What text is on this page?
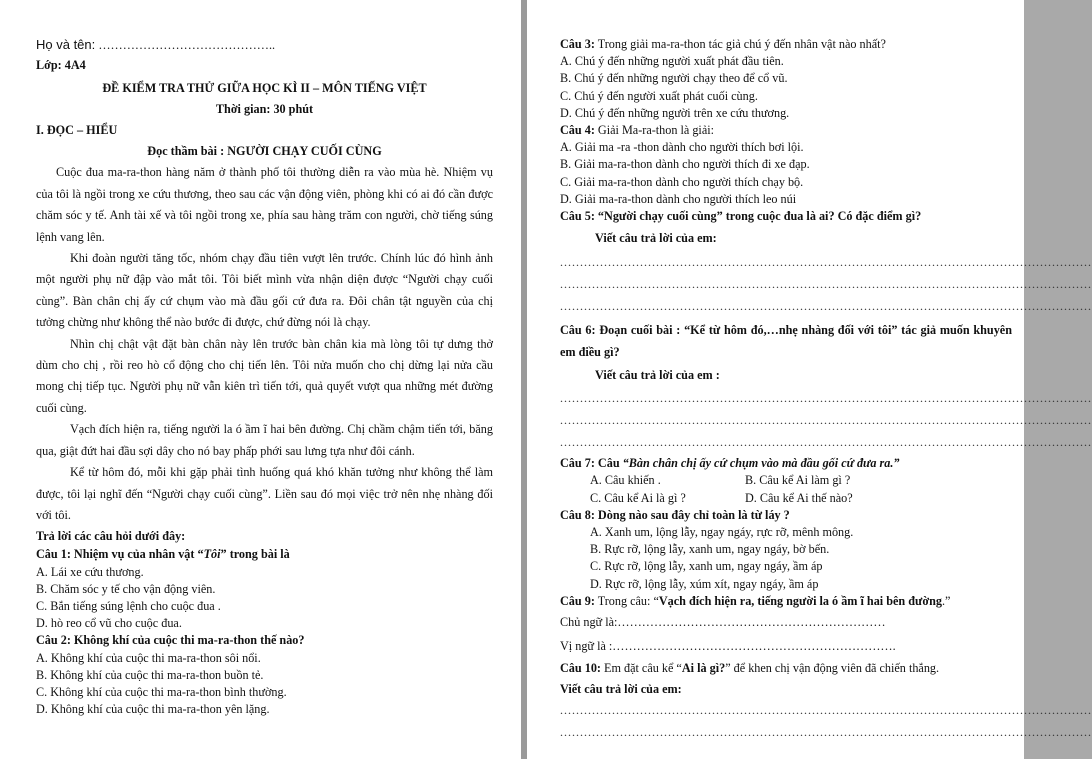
Họ và tên: ……………………………………..
Lớp: 4A4
ĐỀ KIỂM TRA THỬ GIỮA HỌC KÌ II – MÔN TIẾNG VIỆT
Thời gian: 30 phút
I. ĐỌC – HIỂU
Đọc thầm bài : NGƯỜI CHẠY CUỐI CÙNG

Cuộc đua ma-ra-thon hàng năm ở thành phố tôi thường diễn ra vào mùa hè. Nhiệm vụ của tôi là ngồi trong xe cứu thương, theo sau các vận động viên, phòng khi có ai đó cần được chăm sóc y tế. Anh tài xế và tôi ngồi trong xe, phía sau hàng trăm con người, chờ tiếng súng lệnh vang lên.

Khi đoàn người tăng tốc, nhóm chạy đầu tiên vượt lên trước. Chính lúc đó hình ảnh một người phụ nữ đập vào mắt tôi. Tôi biết mình vừa nhận diện được “Người chạy cuối cùng”. Bàn chân chị ấy cứ chụm vào mà đầu gối cứ đưa ra. Đôi chân tật nguyền của chị tưởng chừng như không thể nào bước đi được, chứ đừng nói là chạy.

Nhìn chị chật vật đặt bàn chân này lên trước bàn chân kia mà lòng tôi tự dưng thở dùm cho chị , rồi reo hò cổ động cho chị tiến lên. Tôi nửa muốn cho chị dừng lại nửa cầu mong chị tiếp tục. Người phụ nữ vẫn kiên trì tiến tới, quả quyết vượt qua những mét đường cuối cùng.

Vạch đích hiện ra, tiếng người la ó ầm ĩ hai bên đường. Chị chầm chậm tiến tới, băng qua, giật đứt hai đầu sợi dây cho nó bay phấp phới sau lưng tựa như đôi cánh.

Kể từ hôm đó, mỗi khi gặp phải tình huống quá khó khăn tưởng như không thể làm được, tôi lại nghĩ đến “Người chạy cuối cùng”. Liền sau đó mọi việc trở nên nhẹ nhàng đối với tôi.

Trả lời các câu hỏi dưới đây:
Câu 1: Nhiệm vụ của nhân vật “Tôi” trong bài là
A. Lái xe cứu thương.
B. Chăm sóc y tế cho vận động viên.
C. Bắn tiếng súng lệnh cho cuộc đua .
D. hò reo cổ vũ cho cuộc đua.
Câu 2: Không khí của cuộc thi ma-ra-thon thế nào?
A. Không khí của cuộc thi ma-ra-thon sôi nổi.
B. Không khí của cuộc thi ma-ra-thon buồn tẻ.
C. Không khí của cuộc thi ma-ra-thon bình thường.
D. Không khí của cuộc thi ma-ra-thon yên lặng.
Câu 3: Trong giải ma-ra-thon tác giả chú ý đến nhân vật nào nhất?
A. Chú ý đến những người xuất phát đầu tiên.
B. Chú ý đến những người chạy theo để cổ vũ.
C. Chú ý đến người xuất phát cuối cùng.
D. Chú ý đến những người trên xe cứu thương.
Câu 4: Giải Ma-ra-thon là giải:
A. Giải ma -ra -thon dành cho người thích bơi lội.
B. Giải ma-ra-thon dành cho người thích đi xe đạp.
C. Giải ma-ra-thon dành cho người thích chạy bộ.
D. Giải ma-ra-thon dành cho người thích leo núi
Câu 5: “Người chạy cuối cùng” trong cuộc đua là ai? Có đặc điểm gì?
Viết câu trả lời của em:
.....................................................................................................................................
.....................................................................................................................................
.....................................................................................................................................
Câu 6: Đoạn cuối bài : “Kể từ hôm đó,…nhẹ nhàng đối với tôi” tác giả muốn khuyên em điều gì?
Viết câu trả lời của em :
.....................................................................................................................................
.....................................................................................................................................
.....................................................................................................................................
Câu 7: Câu “Bàn chân chị ấy cứ chụm vào mà đầu gối cứ đưa ra.”
A. Câu khiến .	B. Câu kể Ai làm gì ?
C. Câu kể Ai là gì ?	D. Câu kể Ai thế nào?
Câu 8: Dòng nào sau đây chỉ toàn là từ láy ?
A. Xanh um, lộng lẫy, ngay ngáy, rực rỡ, mênh mông.
B. Rực rỡ, lộng lẫy, xanh um, ngay ngáy, bờ bến.
C. Rực rỡ, lộng lẫy, xanh um, ngay ngáy, ầm áp
D. Rực rỡ, lộng lẫy, xúm xít, ngay ngáy, ầm áp
Câu 9: Trong câu: “Vạch đích hiện ra, tiếng người la ó ầm ĩ hai bên đường.”
Chủ ngữ là:…………………………………………………………
Vị ngữ là :…………………………………………………………….
Câu 10: Em đặt câu kể “Ai là gì?” để khen chị vận động viên đã chiến thắng.
Viết câu trả lời của em:
.....................................................................................................................................
.....................................................................................................................................
